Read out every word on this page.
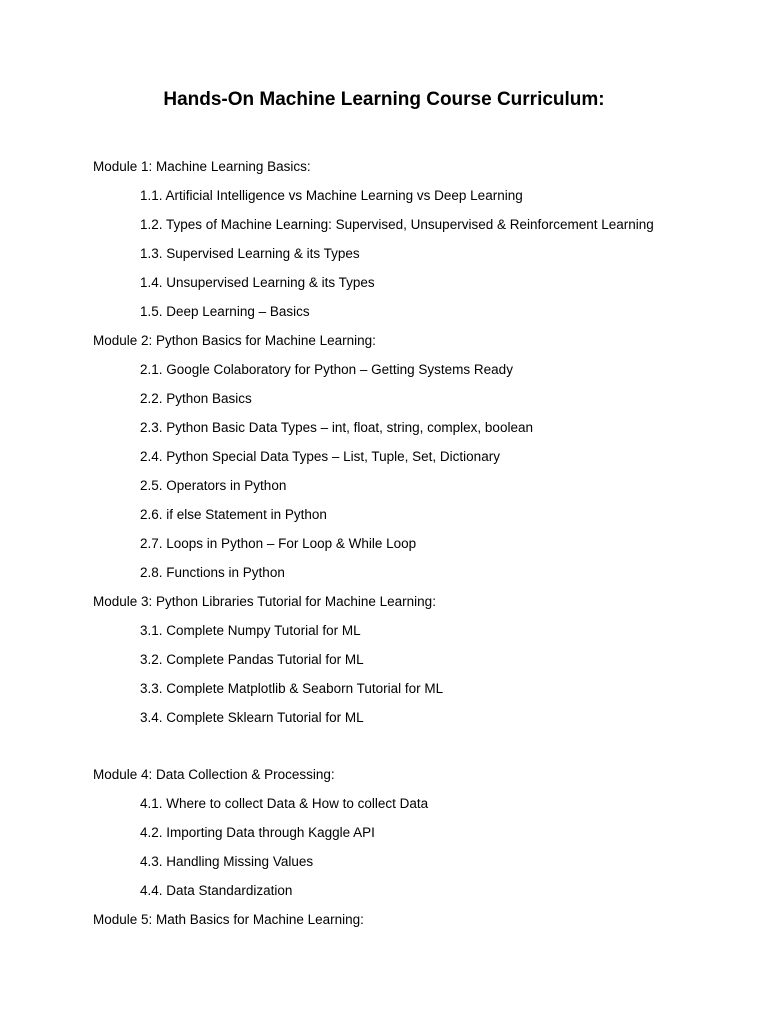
Hands-On Machine Learning Course Curriculum:
Module 1: Machine Learning Basics:
1.1. Artificial Intelligence vs Machine Learning vs Deep Learning
1.2. Types of Machine Learning: Supervised, Unsupervised & Reinforcement Learning
1.3. Supervised Learning & its Types
1.4. Unsupervised Learning & its Types
1.5. Deep Learning – Basics
Module 2: Python Basics for Machine Learning:
2.1. Google Colaboratory for Python – Getting Systems Ready
2.2. Python Basics
2.3. Python Basic Data Types – int, float, string, complex, boolean
2.4. Python Special Data Types – List, Tuple, Set, Dictionary
2.5. Operators in Python
2.6. if else Statement in Python
2.7. Loops in Python – For Loop & While Loop
2.8. Functions in Python
Module 3: Python Libraries Tutorial for Machine Learning:
3.1. Complete Numpy Tutorial for ML
3.2. Complete Pandas Tutorial for ML
3.3. Complete Matplotlib & Seaborn Tutorial for ML
3.4. Complete Sklearn Tutorial for ML
Module 4: Data Collection & Processing:
4.1. Where to collect Data & How to collect Data
4.2. Importing Data through Kaggle API
4.3. Handling Missing Values
4.4. Data Standardization
Module 5: Math Basics for Machine Learning:
